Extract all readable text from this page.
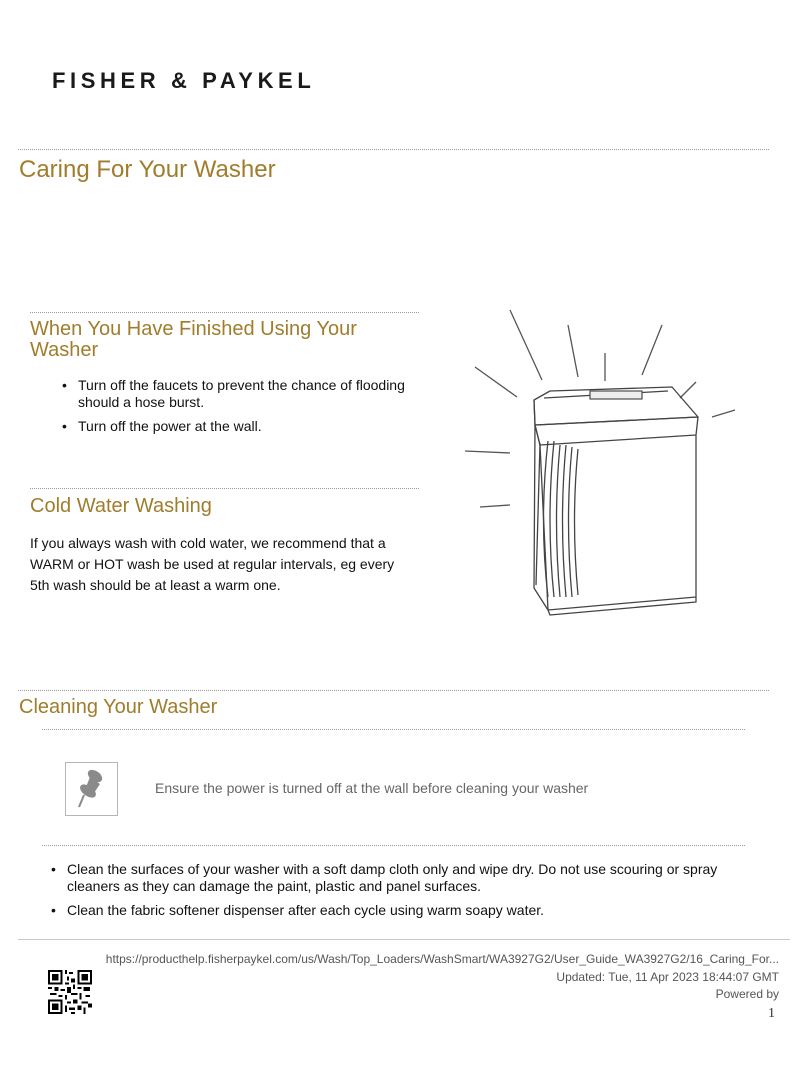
FISHER & PAYKEL
Caring For Your Washer
When You Have Finished Using Your Washer
• Turn off the faucets to prevent the chance of flooding should a hose burst.
• Turn off the power at the wall.
Cold Water Washing

If you always wash with cold water, we recommend that a WARM or HOT wash be used at regular intervals, eg every 5th wash should be at least a warm one.

Cleaning Your Washer
Ensure the power is turned off at the wall before cleaning your washer
• Clean the surfaces of your washer with a soft damp cloth only and wipe dry. Do not use scouring or spray cleaners as they can damage the paint, plastic and panel surfaces.
• Clean the fabric softener dispenser after each cycle using warm soapy water.
https://producthelp.fisherpaykel.com/us/Wash/Top_Loaders/WashSmart/WA3927G2/User_Guide_WA3927G2/16_Caring_For...
Updated: Tue, 11 Apr 2023 18:44:07 GMT
Powered by
1
